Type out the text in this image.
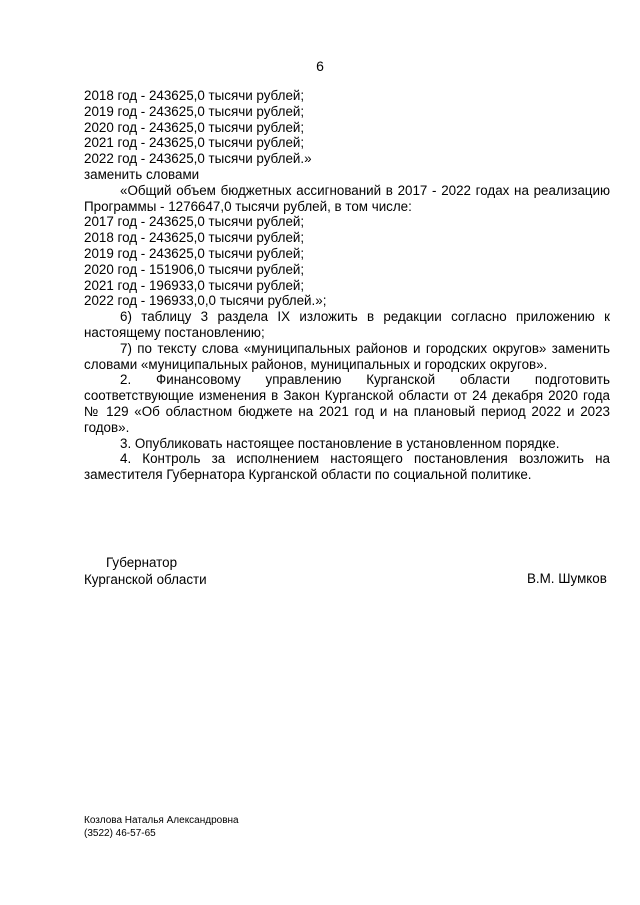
6

2018 год - 243625,0 тысячи рублей;

2019 год - 243625,0 тысячи рублей;

2020 год - 243625,0 тысячи рублей;

2021 год - 243625,0 тысячи рублей;

2022 год - 243625,0 тысячи рублей.»

заменить словами

«Общий объем бюджетных ассигнований в 2017 - 2022 годах на реализацию Программы - 1276647,0 тысячи рублей, в том числе:

2017 год - 243625,0 тысячи рублей;

2018 год - 243625,0 тысячи рублей;

2019 год - 243625,0 тысячи рублей;

2020 год - 151906,0 тысячи рублей;

2021 год - 196933,0 тысячи рублей;

2022 год - 196933,0,0 тысячи рублей.»;

6) таблицу 3 раздела IX изложить в редакции согласно приложению к настоящему постановлению;

7) по тексту слова «муниципальных районов и городских округов» заменить словами «муниципальных районов, муниципальных и городских округов».

2. Финансовому управлению Курганской области подготовить соответствующие изменения в Закон Курганской области от 24 декабря 2020 года № 129 «Об областном бюджете на 2021 год и на плановый период 2022 и 2023 годов».

3. Опубликовать настоящее постановление в установленном порядке.

4. Контроль за исполнением настоящего постановления возложить на заместителя Губернатора Курганской области по социальной политике.

Губернатор
Курганской области	В.М. Шумков
Козлова Наталья Александровна
(3522) 46-57-65
